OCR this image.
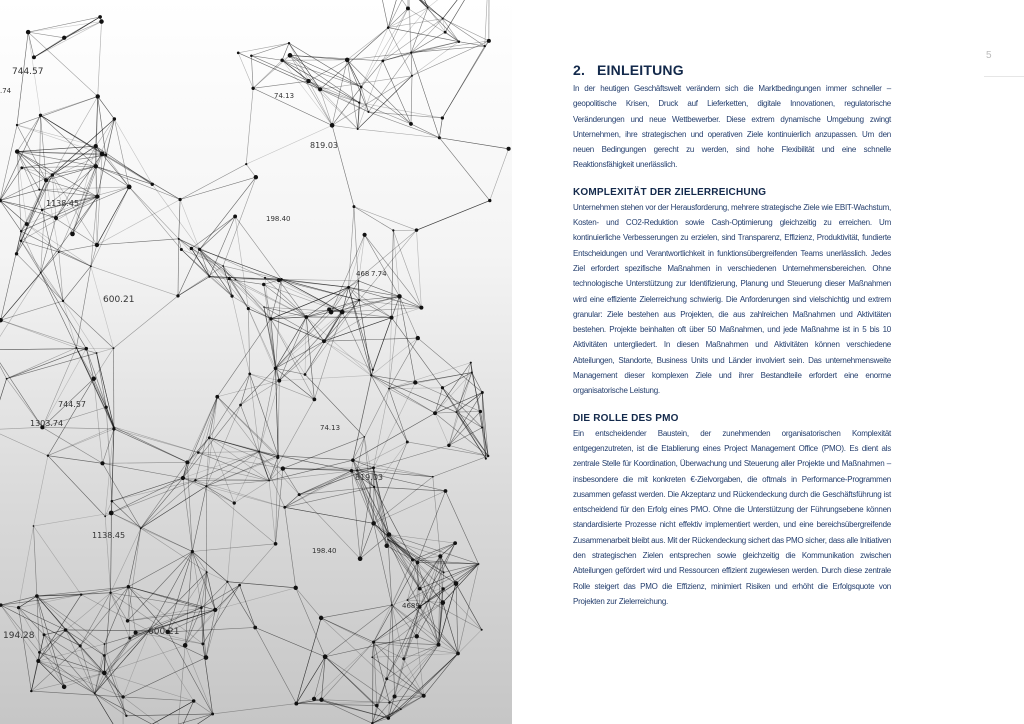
744.57
74.13
.74
819.03
1138.45
198.40
468 7.74
600.21
744.57
1303.74	74.13
819.03
1138.45
198.40
4689
194.28	600.21
5
2. EINLEITUNG

In der heutigen Geschäftswelt verändern sich die Marktbedingungen immer schneller – geopolitische Krisen, Druck auf Lieferketten, digitale Innovationen, regulatorische Veränderungen und neue Wettbewerber. Diese extrem dynamische Umgebung zwingt Unternehmen, ihre strategischen und operativen Ziele kontinuierlich anzupassen. Um den neuen Bedingungen gerecht zu werden, sind hohe Flexibilität und eine schnelle Reaktionsfähigkeit unerlässlich.

KOMPLEXITÄT DER ZIELERREICHUNG

Unternehmen stehen vor der Herausforderung, mehrere strategische Ziele wie EBIT-Wachstum, Kosten- und CO2-Reduktion sowie Cash-Optimierung gleichzeitig zu erreichen. Um kontinuierliche Verbesserungen zu erzielen, sind Transparenz, Effizienz, Produktivität, fundierte Entscheidungen und Verantwortlichkeit in funktionsübergreifenden Teams unerlässlich. Jedes Ziel erfordert spezifische Maßnahmen in verschiedenen Unternehmensbereichen. Ohne technologische Unterstützung zur Identifizierung, Planung und Steuerung dieser Maßnahmen wird eine effiziente Zielerreichung schwierig. Die Anforderungen sind vielschichtig und extrem granular: Ziele bestehen aus Projekten, die aus zahlreichen Maßnahmen und Aktivitäten bestehen. Projekte beinhalten oft über 50 Maßnahmen, und jede Maßnahme ist in 5 bis 10 Aktivitäten untergliedert. In diesen Maßnahmen und Aktivitäten können verschiedene Abteilungen, Standorte, Business Units und Länder involviert sein. Das unternehmensweite Management dieser komplexen Ziele und ihrer Bestandteile erfordert eine enorme organisatorische Leistung.

DIE ROLLE DES PMO

Ein entscheidender Baustein, der zunehmenden organisatorischen Komplexität entgegenzutreten, ist die Etablierung eines Project Management Office (PMO). Es dient als zentrale Stelle für Koordination, Überwachung und Steuerung aller Projekte und Maßnahmen – insbesondere die mit konkreten €-Zielvorgaben, die oftmals in Performance-Programmen zusammen gefasst werden. Die Akzeptanz und Rückendeckung durch die Geschäftsführung ist entscheidend für den Erfolg eines PMO. Ohne die Unterstützung der Führungsebene können standardisierte Prozesse nicht effektiv implementiert werden, und eine bereichsübergreifende Zusammenarbeit bleibt aus. Mit der Rückendeckung sichert das PMO sicher, dass alle Initiativen den strategischen Zielen entsprechen sowie gleichzeitig die Kommunikation zwischen Abteilungen gefördert wird und Ressourcen effizient zugewiesen werden. Durch diese zentrale Rolle steigert das PMO die Effizienz, minimiert Risiken und erhöht die Erfolgsquote von Projekten zur Zielerreichung.
